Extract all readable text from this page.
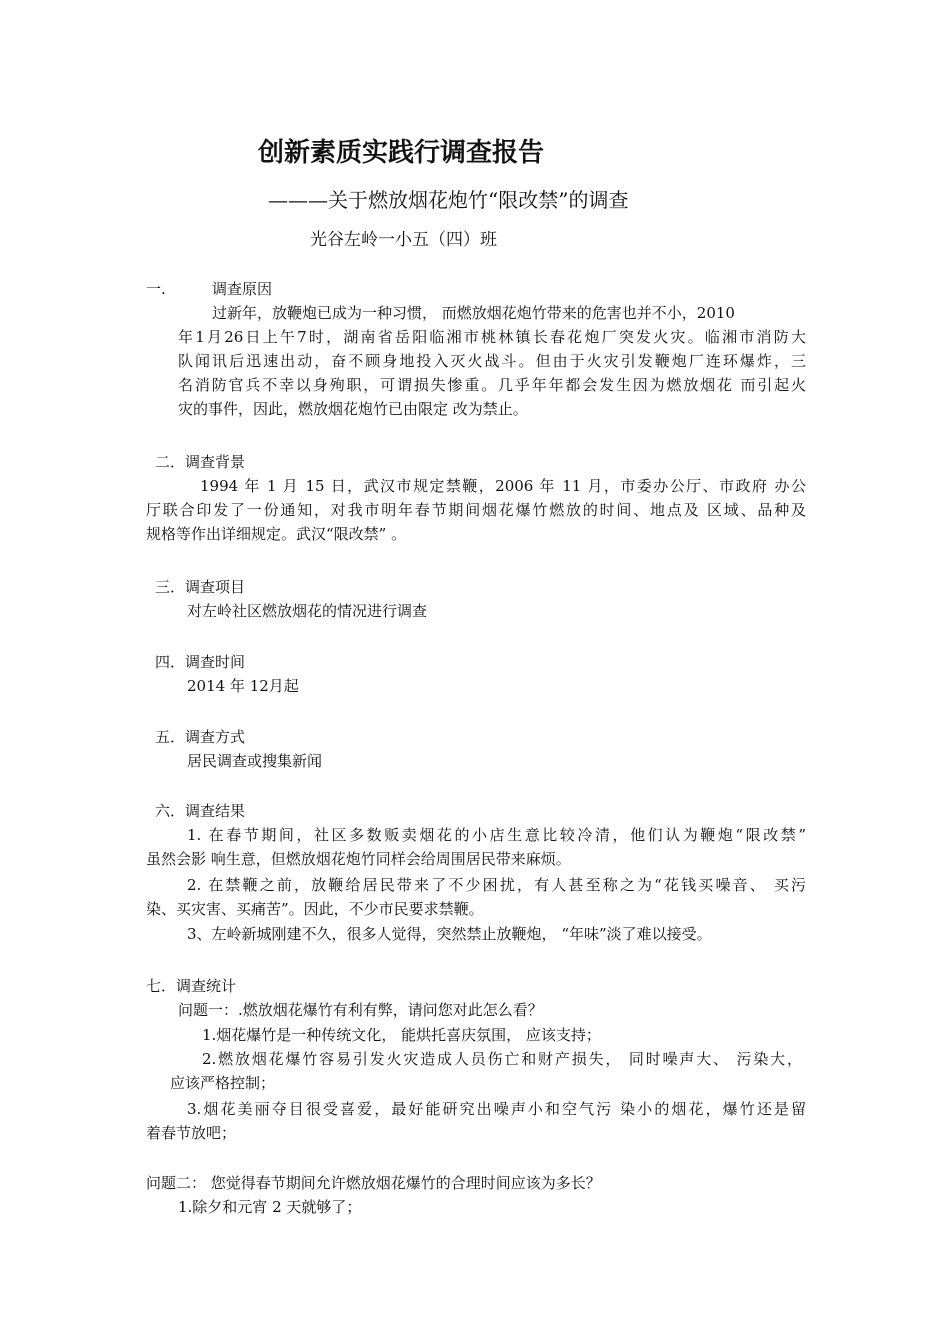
创新素质实践行调查报告
———关于燃放烟花炮竹“限改禁”的调查
光谷左岭一小五（四）班
一.	调查原因
过新年，放鞭炮已成为一种习惯， 而燃放烟花炮竹带来的危害也并不小，2010
年1月26日上午7时，湖南省岳阳临湘市桃林镇长春花炮厂突发火灾。临湘市消防大
队闻讯后迅速出动，奋不顾身地投入灭火战斗。但由于火灾引发鞭炮厂连环爆炸，三
名消防官兵不幸以身殉职，可谓损失惨重。几乎年年都会发生因为燃放烟花 而引起火
灾的事件，因此，燃放烟花炮竹已由限定 改为禁止。
二．调查背景
1994 年 1 月 15 日，武汉市规定禁鞭，2006 年 11 月，市委办公厅、市政府 办公
厅联合印发了一份通知，对我市明年春节期间烟花爆竹燃放的时间、地点及 区域、品种及
规格等作出详细规定。武汉“限改禁” 。
三．调查项目
对左岭社区燃放烟花的情况进行调查
四．调查时间
2014 年 12月起
五．调查方式
居民调查或搜集新闻
六．调查结果
1. 在春节期间，社区多数贩卖烟花的小店生意比较冷清，他们认为鞭炮“限改禁”
虽然会影 响生意，但燃放烟花炮竹同样会给周围居民带来麻烦。
2. 在禁鞭之前，放鞭给居民带来了不少困扰，有人甚至称之为“花钱买噪音、 买污
染、买灾害、买痛苦”。因此，不少市民要求禁鞭。
3、左岭新城刚建不久，很多人觉得，突然禁止放鞭炮， “年味”淡了难以接受。
七．调查统计
问题一：.燃放烟花爆竹有利有弊，请问您对此怎么看？
1.烟花爆竹是一种传统文化， 能烘托喜庆氛围， 应该支持；
2.燃放烟花爆竹容易引发火灾造成人员伤亡和财产损失， 同时噪声大、 污染大，
应该严格控制；
3.烟花美丽夺目很受喜爱，最好能研究出噪声小和空气污 染小的烟花，爆竹还是留
着春节放吧；
问题二： 您觉得春节期间允许燃放烟花爆竹的合理时间应该为多长？
1.除夕和元宵 2 天就够了；
